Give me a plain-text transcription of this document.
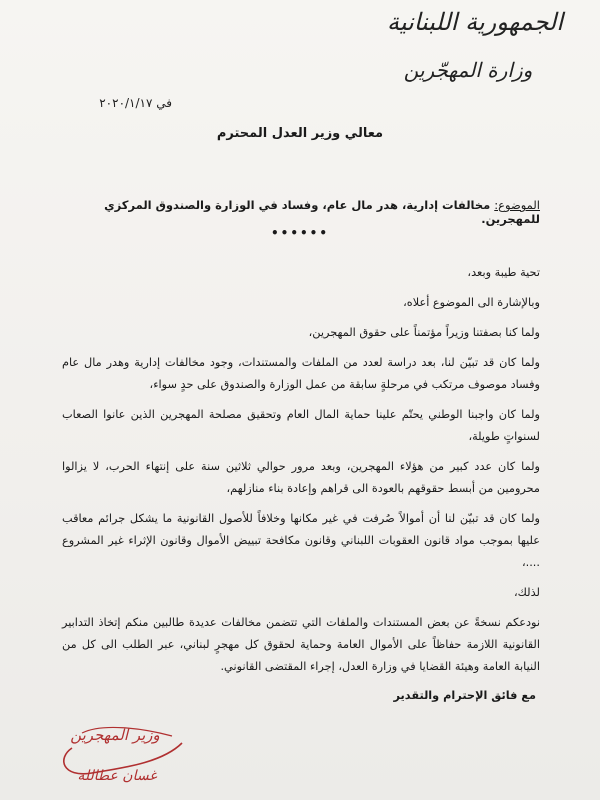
الجمهورية اللبنانية
وزارة المهجّرين
في ٢٠٢٠/١/١٧
معالي وزير العدل المحترم
الموضوع: مخالفات إدارية، هدر مال عام، وفساد في الوزارة والصندوق المركزي للمهجرين.
••••••

تحية طيبة وبعد،

وبالإشارة الى الموضوع أعلاه،

ولما كنا بصفتنا وزيراً مؤتمناً على حقوق المهجرين،

ولما كان قد تبيّن لنا، بعد دراسة لعدد من الملفات والمستندات، وجود مخالفات إدارية وهدر مال عام وفساد موصوف مرتكب في مرحلةٍ سابقة من عمل الوزارة والصندوق على حدٍ سواء،

ولما كان واجبنا الوطني يحتّم علينا حماية المال العام وتحقيق مصلحة المهجرين الذين عانوا الصعاب لسنواتٍ طويلة،

ولما كان عدد كبير من هؤلاء المهجرين، وبعد مرور حوالي ثلاثين سنة على إنتهاء الحرب، لا يزالوا محرومين من أبسط حقوقهم بالعودة الى قراهم وإعادة بناء منازلهم،

ولما كان قد تبيّن لنا أن أموالاً صُرفت في غير مكانها وخلافاً للأصول القانونية ما يشكل جرائم معاقب عليها بموجب مواد قانون العقوبات اللبناني وقانون مكافحة تبييض الأموال وقانون الإثراء غير المشروع ....،

لذلك،

نودعكم نسخةً عن بعض المستندات والملفات التي تتضمن مخالفات عديدة طالبين منكم إتخاذ التدابير القانونية اللازمة حفاظاً على الأموال العامة وحماية لحقوق كل مهجرٍ لبناني، عبر الطلب الى كل من النيابة العامة وهيئة القضايا في وزارة العدل، إجراء المقتضى القانوني.

مع فائق الإحترام والتقدير
وزير المهجرين
غسان عطالله
